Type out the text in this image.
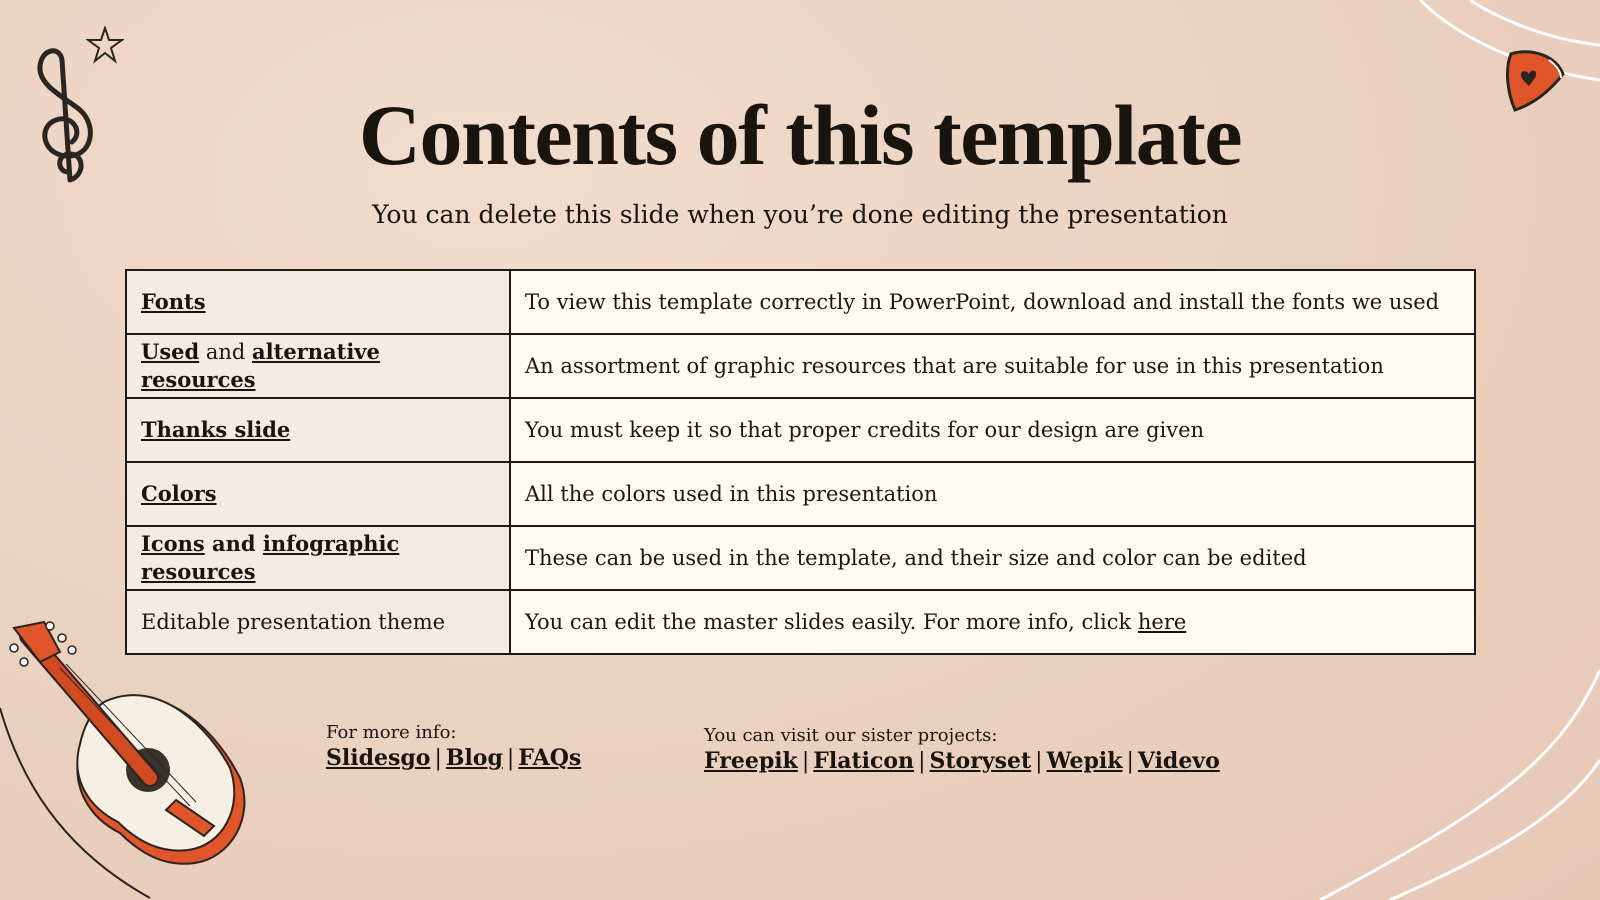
Contents of this template
You can delete this slide when you’re done editing the presentation
Fonts	To view this template correctly in PowerPoint, download and install the fonts we used
Used and alternative resources	An assortment of graphic resources that are suitable for use in this presentation
Thanks slide	You must keep it so that proper credits for our design are given
Colors	All the colors used in this presentation
Icons and infographic resources	These can be used in the template, and their size and color can be edited
Editable presentation theme	You can edit the master slides easily. For more info, click here
For more info:
Slidesgo | Blog | FAQs
You can visit our sister projects:
Freepik | Flaticon | Storyset | Wepik | Videvo
